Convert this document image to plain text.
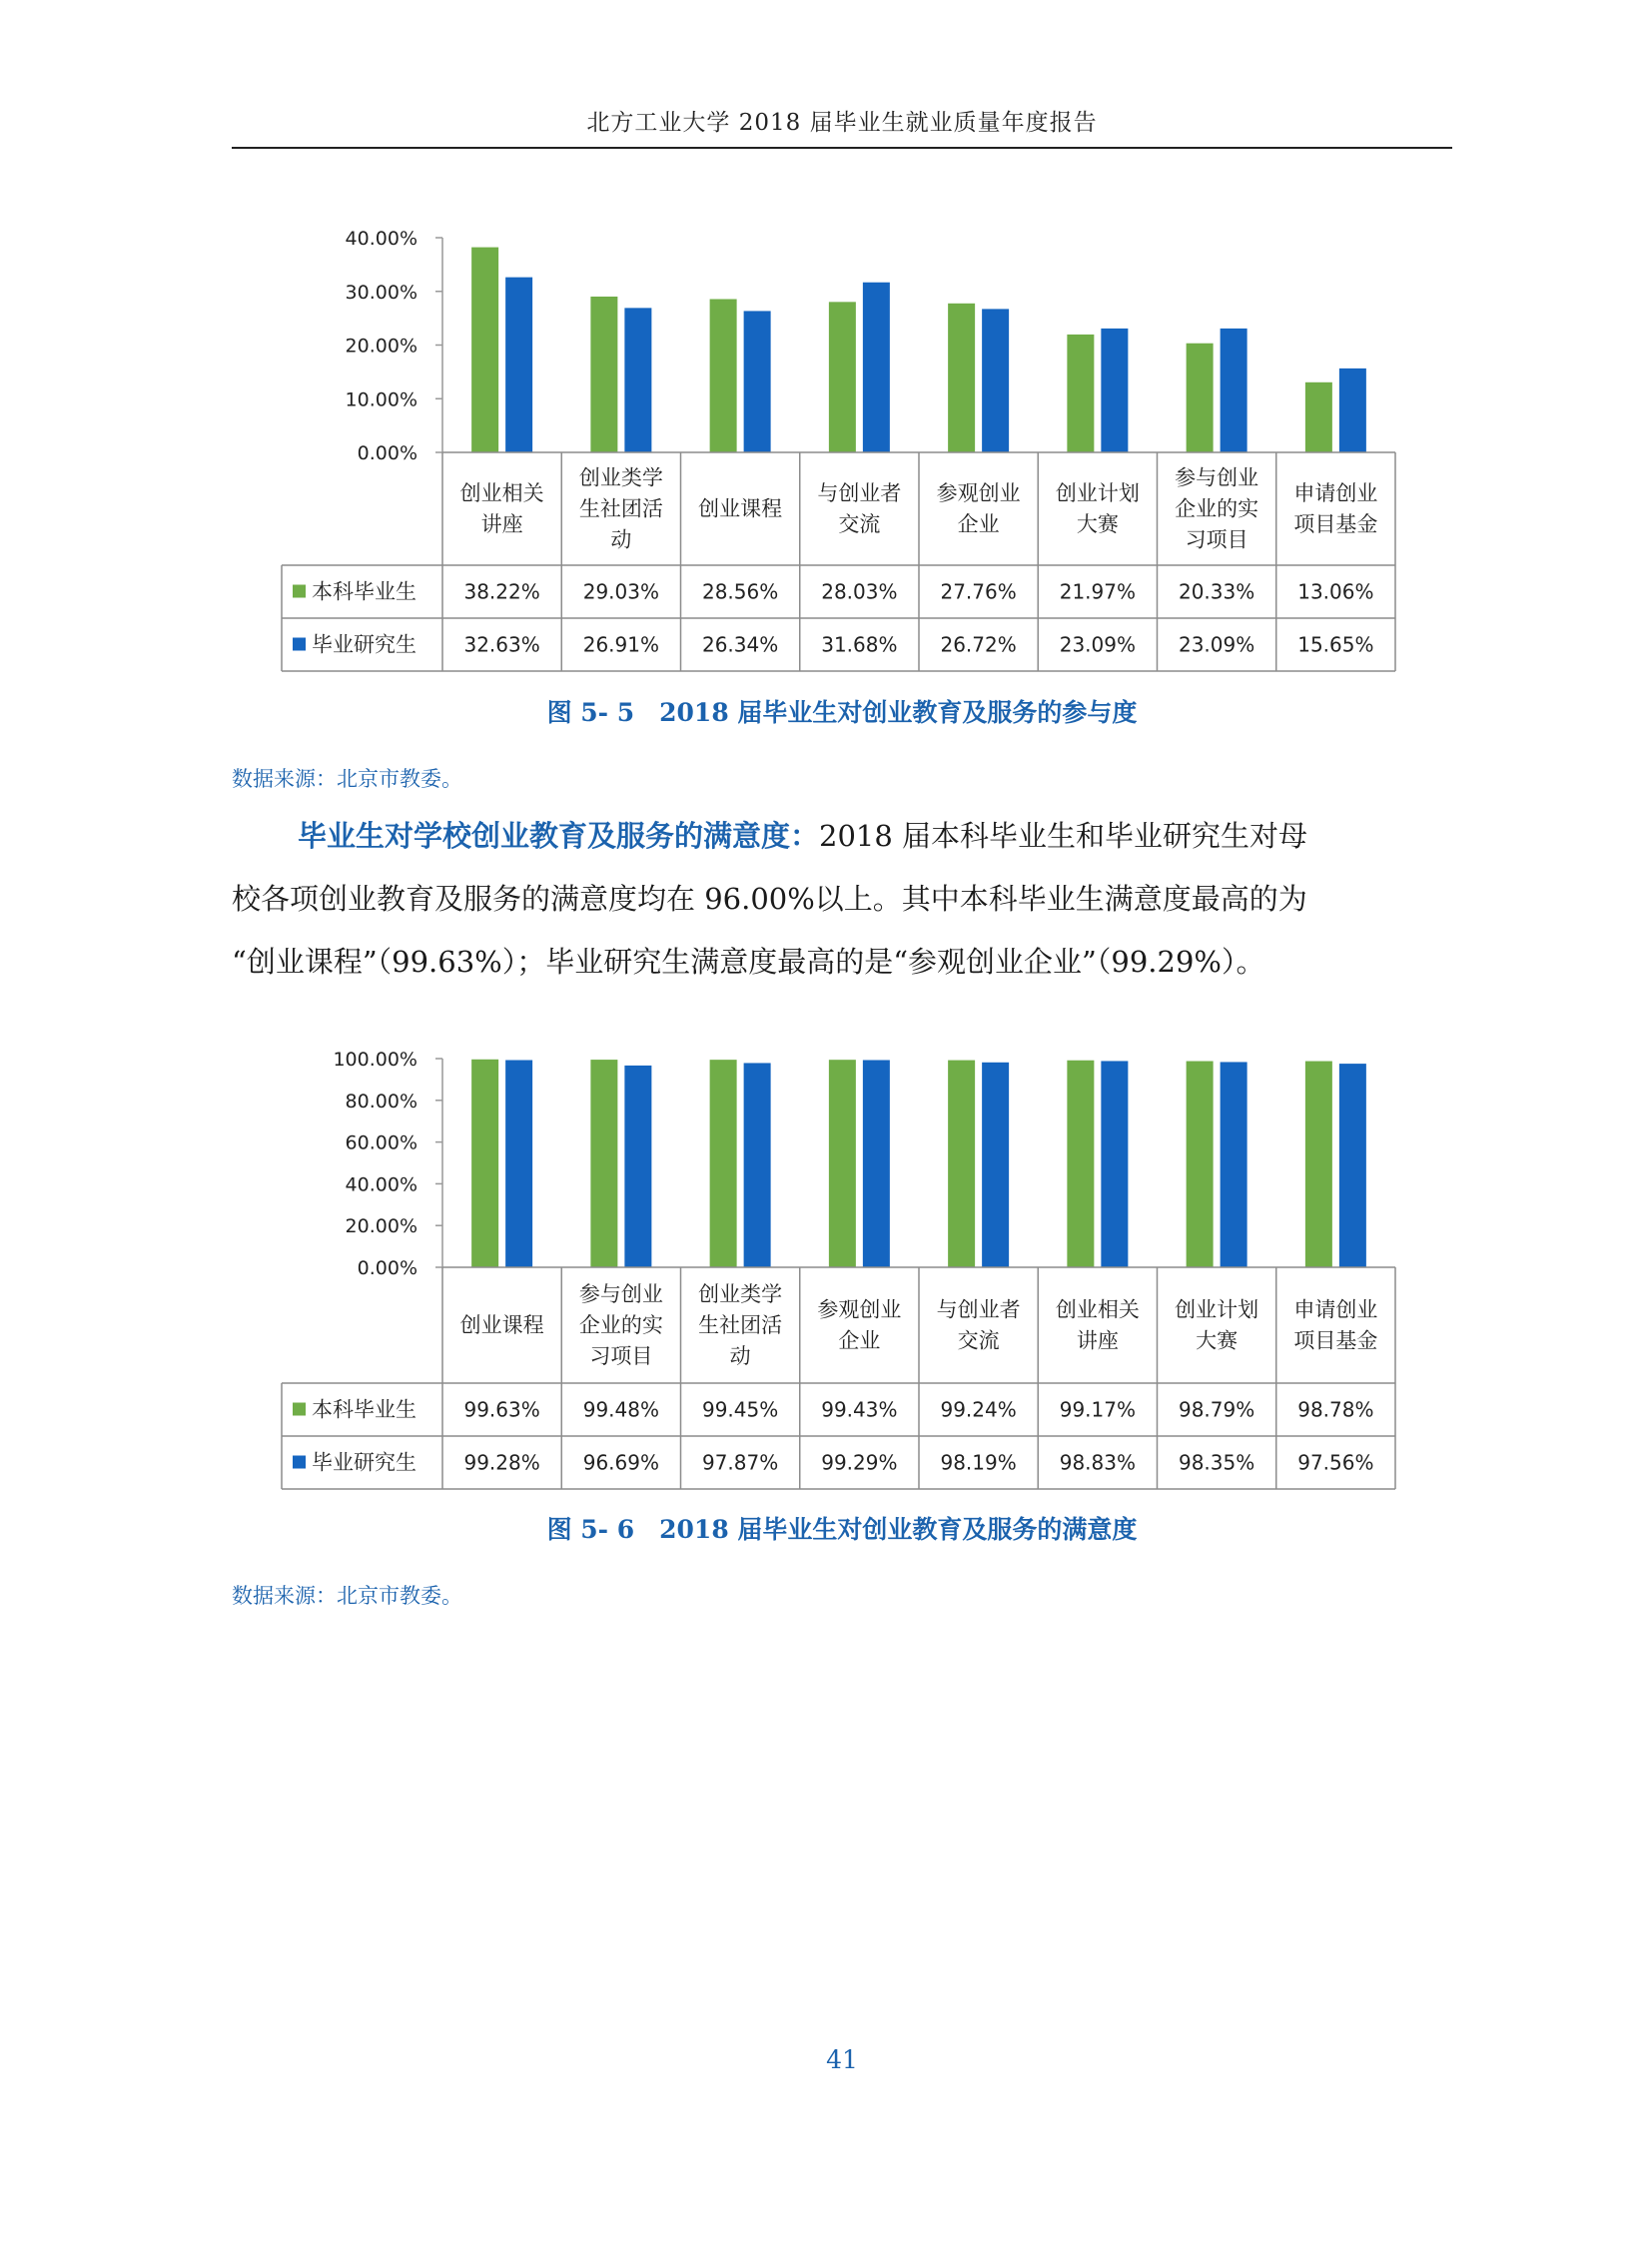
北方工业大学 2018 届毕业生就业质量年度报告
40.00%
30.00%
20.00%
10.00%
0.00%
创业相关
讲座
创业类学
生社团活
动
创业课程
与创业者
交流
参观创业
企业
创业计划
大赛
参与创业
企业的实
习项目
申请创业
项目基金
本科毕业生 38.22% 29.03% 28.56% 28.03% 27.76% 21.97% 20.33% 13.06%
毕业研究生 32.63% 26.91% 26.34% 31.68% 26.72% 23.09% 23.09% 15.65%
图 5- 5　2018 届毕业生对创业教育及服务的参与度
数据来源：北京市教委。
毕业生对学校创业教育及服务的满意度：2018 届本科毕业生和毕业研究生对母
校各项创业教育及服务的满意度均在 96.00%以上。其中本科毕业生满意度最高的为
“创业课程”（99.63%）；毕业研究生满意度最高的是“参观创业企业”（99.29%）。
100.00%
80.00%
60.00%
40.00%
20.00%
0.00%
创业课程
参与创业
企业的实
习项目
创业类学
生社团活
动
参观创业
企业
与创业者
交流
创业相关
讲座
创业计划
大赛
申请创业
项目基金
本科毕业生 99.63% 99.48% 99.45% 99.43% 99.24% 99.17% 98.79% 98.78%
毕业研究生 99.28% 96.69% 97.87% 99.29% 98.19% 98.83% 98.35% 97.56%
图 5- 6　2018 届毕业生对创业教育及服务的满意度
数据来源：北京市教委。
41
